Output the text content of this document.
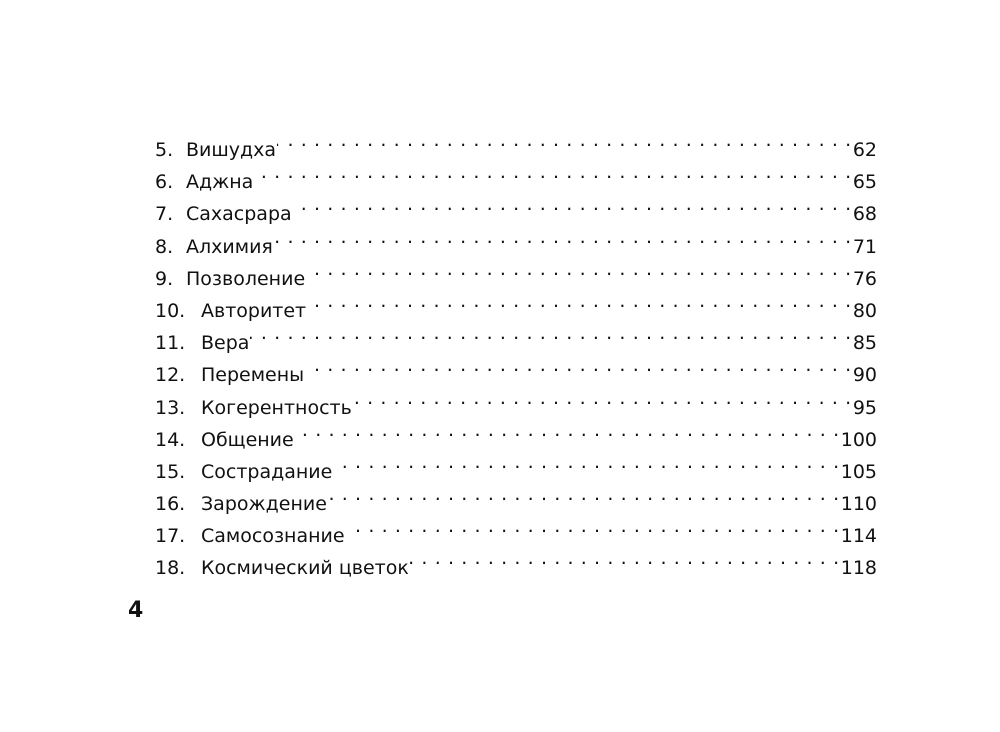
5. Вишудха . . .	62
6. Аджна . . .	65
7. Сахасрара . . .	68
8. Алхимия . . .	71
9. Позволение . . .	76
10. Авторитет . . .	80
11. Вера . . .	85
12. Перемены . . .	90
13. Когерентность . . .	95
14. Общение . . .	100
15. Сострадание . . .	105
16. Зарождение . . .	110
17. Самосознание . . .	114
18. Космический цветок . . .	118
4
